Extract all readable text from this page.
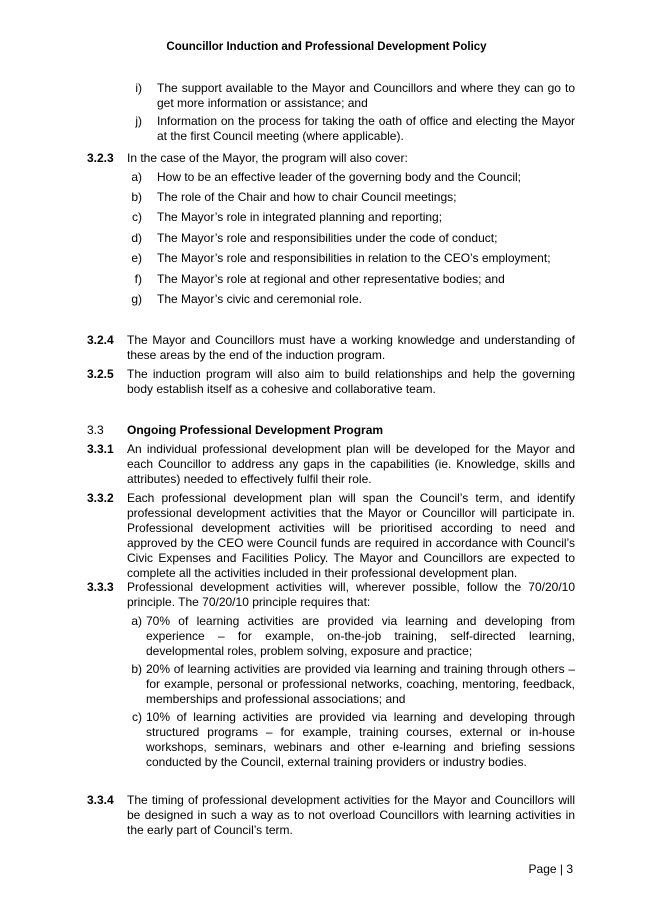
Councillor Induction and Professional Development Policy
i) The support available to the Mayor and Councillors and where they can go to get more information or assistance; and
j) Information on the process for taking the oath of office and electing the Mayor at the first Council meeting (where applicable).
3.2.3 In the case of the Mayor, the program will also cover:
a) How to be an effective leader of the governing body and the Council;
b) The role of the Chair and how to chair Council meetings;
c) The Mayor’s role in integrated planning and reporting;
d) The Mayor’s role and responsibilities under the code of conduct;
e) The Mayor’s role and responsibilities in relation to the CEO’s employment;
f) The Mayor’s role at regional and other representative bodies; and
g) The Mayor’s civic and ceremonial role.
3.2.4 The Mayor and Councillors must have a working knowledge and understanding of these areas by the end of the induction program.
3.2.5 The induction program will also aim to build relationships and help the governing body establish itself as a cohesive and collaborative team.
3.3 Ongoing Professional Development Program
3.3.1 An individual professional development plan will be developed for the Mayor and each Councillor to address any gaps in the capabilities (ie. Knowledge, skills and attributes) needed to effectively fulfil their role.
3.3.2 Each professional development plan will span the Council’s term, and identify professional development activities that the Mayor or Councillor will participate in. Professional development activities will be prioritised according to need and approved by the CEO were Council funds are required in accordance with Council’s Civic Expenses and Facilities Policy. The Mayor and Councillors are expected to complete all the activities included in their professional development plan.
3.3.3 Professional development activities will, wherever possible, follow the 70/20/10 principle. The 70/20/10 principle requires that:
a) 70% of learning activities are provided via learning and developing from experience – for example, on-the-job training, self-directed learning, developmental roles, problem solving, exposure and practice;
b) 20% of learning activities are provided via learning and training through others – for example, personal or professional networks, coaching, mentoring, feedback, memberships and professional associations; and
c) 10% of learning activities are provided via learning and developing through structured programs – for example, training courses, external or in-house workshops, seminars, webinars and other e-learning and briefing sessions conducted by the Council, external training providers or industry bodies.
3.3.4 The timing of professional development activities for the Mayor and Councillors will be designed in such a way as to not overload Councillors with learning activities in the early part of Council’s term.
Page | 3
